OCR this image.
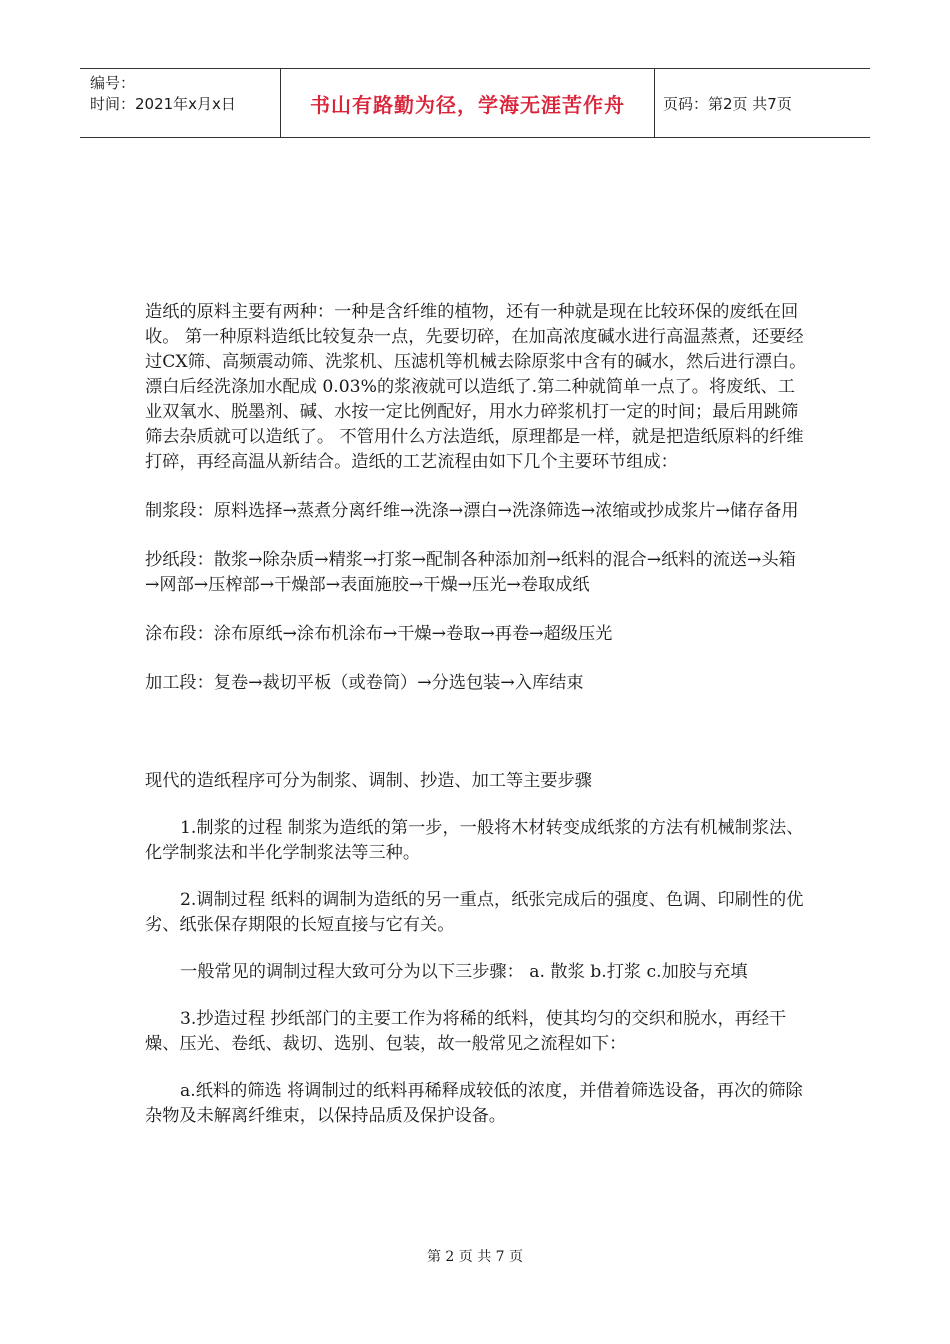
编号：
时间：2021年x月x日	书山有路勤为径，学海无涯苦作舟	页码：第2页 共7页

造纸的原料主要有两种：一种是含纤维的植物，还有一种就是现在比较环保的废纸在回收。 第一种原料造纸比较复杂一点，先要切碎，在加高浓度碱水进行高温蒸煮，还要经过CX筛、高频震动筛、洗浆机、压滤机等机械去除原浆中含有的碱水，然后进行漂白。漂白后经洗涤加水配成 0.03%的浆液就可以造纸了.第二种就简单一点了。将废纸、工业双氧水、脱墨剂、碱、水按一定比例配好，用水力碎浆机打一定的时间；最后用跳筛筛去杂质就可以造纸了。 不管用什么方法造纸，原理都是一样，就是把造纸原料的纤维打碎，再经高温从新结合。造纸的工艺流程由如下几个主要环节组成：

制浆段：原料选择→蒸煮分离纤维→洗涤→漂白→洗涤筛选→浓缩或抄成浆片→储存备用

抄纸段：散浆→除杂质→精浆→打浆→配制各种添加剂→纸料的混合→纸料的流送→头箱→网部→压榨部→干燥部→表面施胶→干燥→压光→卷取成纸

涂布段：涂布原纸→涂布机涂布→干燥→卷取→再卷→超级压光

加工段：复卷→裁切平板（或卷筒）→分选包装→入库结束

现代的造纸程序可分为制浆、调制、抄造、加工等主要步骤

1.制浆的过程 制浆为造纸的第一步，一般将木材转变成纸浆的方法有机械制浆法、化学制浆法和半化学制浆法等三种。

2.调制过程 纸料的调制为造纸的另一重点，纸张完成后的强度、色调、印刷性的优劣、纸张保存期限的长短直接与它有关。

一般常见的调制过程大致可分为以下三步骤： a. 散浆 b.打浆 c.加胶与充填

3.抄造过程 抄纸部门的主要工作为将稀的纸料，使其均匀的交织和脱水，再经干燥、压光、卷纸、裁切、选别、包装，故一般常见之流程如下：

a.纸料的筛选 将调制过的纸料再稀释成较低的浓度，并借着筛选设备，再次的筛除杂物及未解离纤维束，以保持品质及保护设备。

第 2 页 共 7 页
